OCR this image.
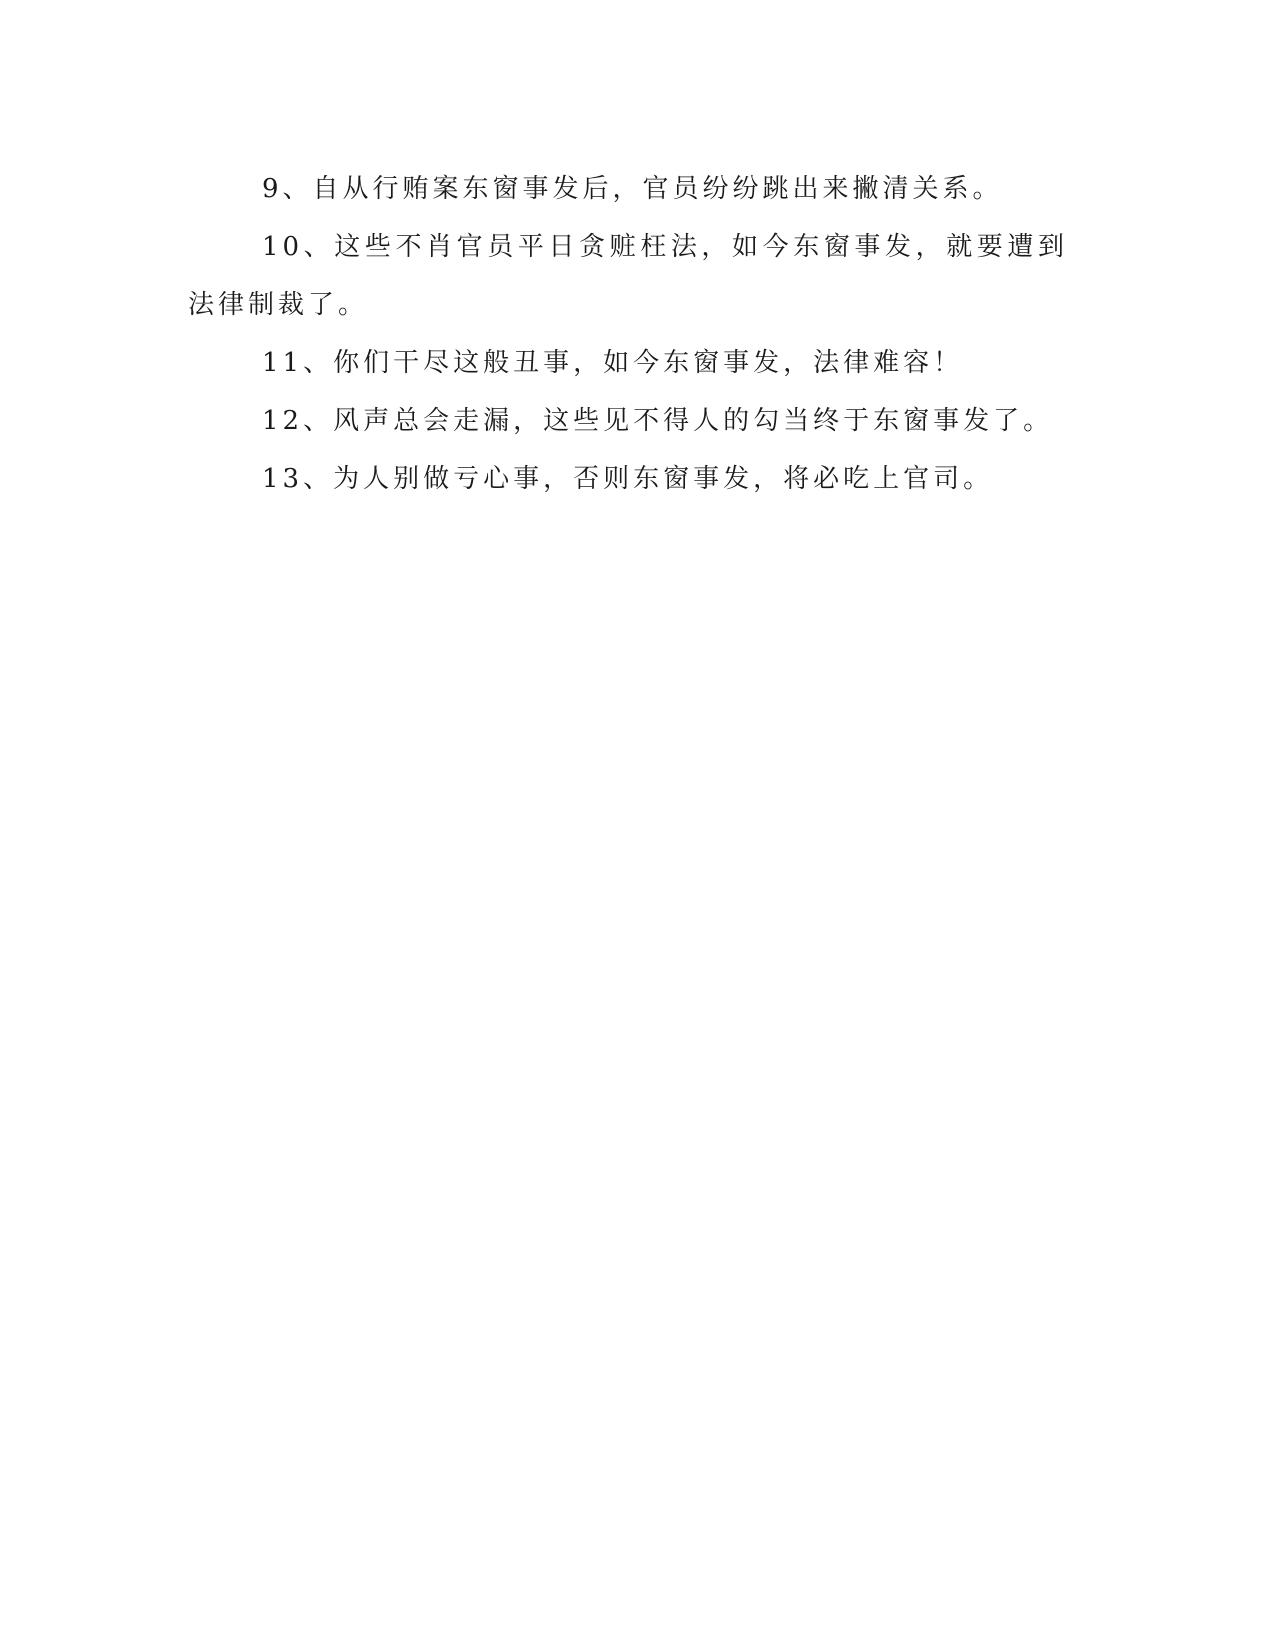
9、自从行贿案东窗事发后，官员纷纷跳出来撇清关系。

10、这些不肖官员平日贪赃枉法，如今东窗事发，就要遭到法律制裁了。

11、你们干尽这般丑事，如今东窗事发，法律难容！

12、风声总会走漏，这些见不得人的勾当终于东窗事发了。

13、为人别做亏心事，否则东窗事发，将必吃上官司。
